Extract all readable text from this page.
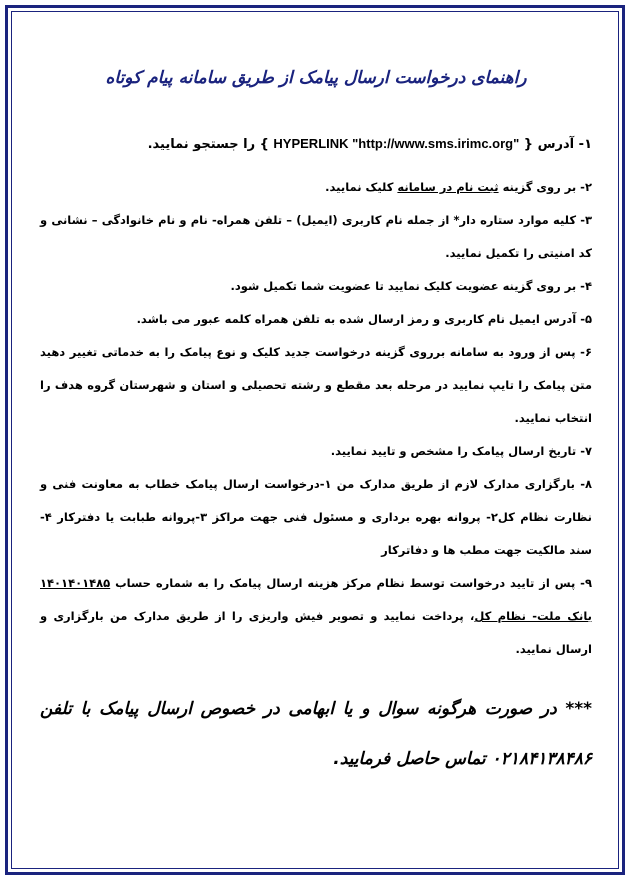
راهنمای درخواست ارسال پیامک از طریق سامانه پیام کوتاه

۱- آدرس { HYPERLINK "http://www.sms.irimc.org" } را جستجو نمایید.

۲- بر روی گزینه ثبت نام در سامانه کلیک نمایید.

۳- کلیه موارد ستاره دار* از جمله نام کاربری (ایمیل) – تلفن همراه- نام و نام خانوادگی – نشانی و کد امنیتی را تکمیل نمایید.

۴- بر روی گزینه عضویت کلیک نمایید تا عضویت شما تکمیل شود.

۵- آدرس ایمیل نام کاربری و رمز ارسال شده به تلفن همراه کلمه عبور می باشد.

۶- پس از ورود به سامانه برروی گزینه درخواست جدید کلیک و نوع پیامک را به خدماتی تغییر دهید متن پیامک را تایپ نمایید در مرحله بعد مقطع و رشته تحصیلی و استان و شهرستان گروه هدف را انتخاب نمایید.

۷- تاریخ ارسال پیامک را مشخص و تایید نمایید.

۸- بارگزاری مدارک لازم از طریق مدارک من ۱-درخواست ارسال پیامک خطاب به معاونت فنی و نظارت نظام کل۲- پروانه بهره برداری و مسئول فنی جهت مراکز ۳-پروانه طبابت یا دفترکار ۴- سند مالکیت جهت مطب ها و دفاترکار

۹- پس از تایید درخواست توسط نظام مرکز هزینه ارسال پیامک را به شماره حساب ۱۴۰۱۴۰۱۴۸۵ بانک ملت- نظام کل، پرداخت نمایید و تصویر فیش واریزی را از طریق مدارک من بارگزاری و ارسال نمایید.

*** در صورت هرگونه سوال و یا ابهامی در خصوص ارسال پیامک با تلفن ۰۲۱۸۴۱۳۸۴۸۶ تماس حاصل فرمایید.
